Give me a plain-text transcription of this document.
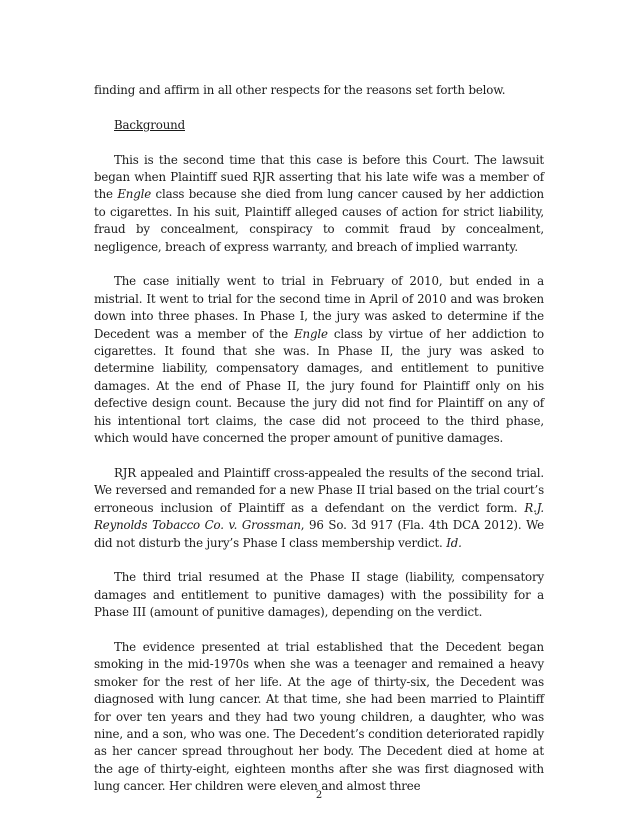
finding and affirm in all other respects for the reasons set forth below.

Background

This is the second time that this case is before this Court. The lawsuit began when Plaintiff sued RJR asserting that his late wife was a member of the Engle class because she died from lung cancer caused by her addiction to cigarettes. In his suit, Plaintiff alleged causes of action for strict liability, fraud by concealment, conspiracy to commit fraud by concealment, negligence, breach of express warranty, and breach of implied warranty.

The case initially went to trial in February of 2010, but ended in a mistrial. It went to trial for the second time in April of 2010 and was broken down into three phases. In Phase I, the jury was asked to determine if the Decedent was a member of the Engle class by virtue of her addiction to cigarettes. It found that she was. In Phase II, the jury was asked to determine liability, compensatory damages, and entitlement to punitive damages. At the end of Phase II, the jury found for Plaintiff only on his defective design count. Because the jury did not find for Plaintiff on any of his intentional tort claims, the case did not proceed to the third phase, which would have concerned the proper amount of punitive damages.

RJR appealed and Plaintiff cross-appealed the results of the second trial. We reversed and remanded for a new Phase II trial based on the trial court’s erroneous inclusion of Plaintiff as a defendant on the verdict form. R.J. Reynolds Tobacco Co. v. Grossman, 96 So. 3d 917 (Fla. 4th DCA 2012). We did not disturb the jury’s Phase I class membership verdict. Id.

The third trial resumed at the Phase II stage (liability, compensatory damages and entitlement to punitive damages) with the possibility for a Phase III (amount of punitive damages), depending on the verdict.

The evidence presented at trial established that the Decedent began smoking in the mid-1970s when she was a teenager and remained a heavy smoker for the rest of her life. At the age of thirty-six, the Decedent was diagnosed with lung cancer. At that time, she had been married to Plaintiff for over ten years and they had two young children, a daughter, who was nine, and a son, who was one. The Decedent’s condition deteriorated rapidly as her cancer spread throughout her body. The Decedent died at home at the age of thirty-eight, eighteen months after she was first diagnosed with lung cancer. Her children were eleven and almost three

2
